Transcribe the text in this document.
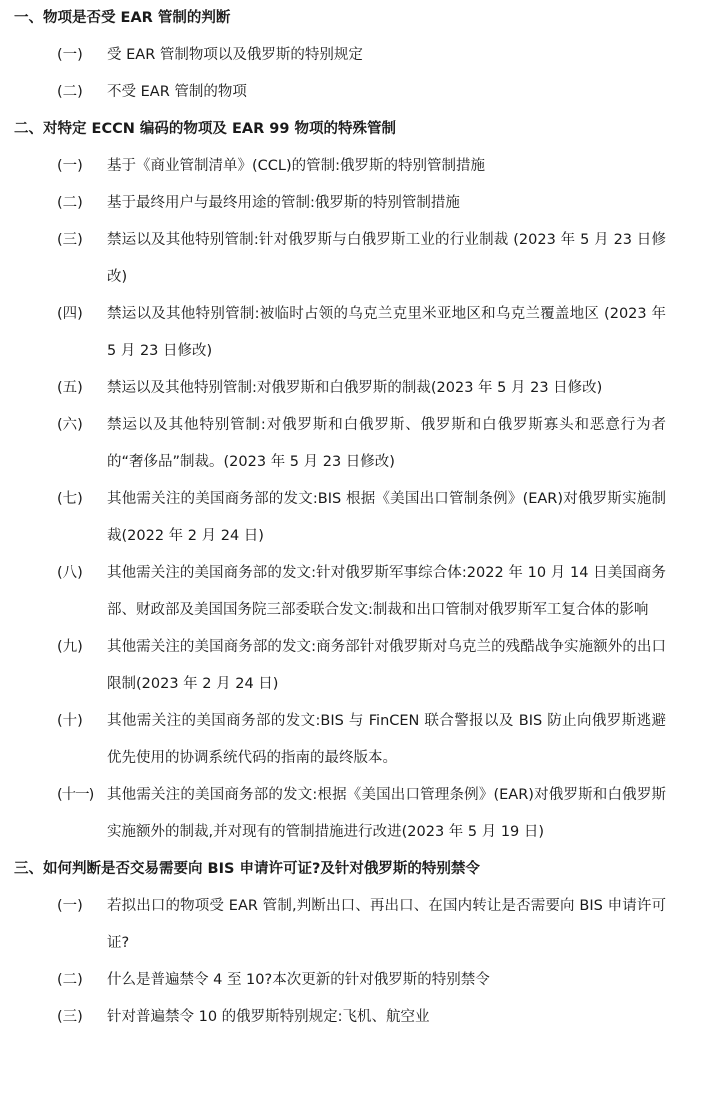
一、物项是否受 EAR 管制的判断
(一)	受 EAR 管制物项以及俄罗斯的特别规定
(二)	不受 EAR 管制的物项
二、对特定 ECCN 编码的物项及 EAR 99 物项的特殊管制
(一)	基于《商业管制清单》(CCL)的管制:俄罗斯的特别管制措施
(二)	基于最终用户与最终用途的管制:俄罗斯的特别管制措施
(三)	禁运以及其他特别管制:针对俄罗斯与白俄罗斯工业的行业制裁 (2023 年 5 月 23 日修改)
(四)	禁运以及其他特别管制:被临时占领的乌克兰克里米亚地区和乌克兰覆盖地区 (2023 年 5 月 23 日修改)
(五)	禁运以及其他特别管制:对俄罗斯和白俄罗斯的制裁(2023 年 5 月 23 日修改)
(六)	禁运以及其他特别管制:对俄罗斯和白俄罗斯、俄罗斯和白俄罗斯寡头和恶意行为者的“奢侈品”制裁。(2023 年 5 月 23 日修改)
(七)	其他需关注的美国商务部的发文:BIS 根据《美国出口管制条例》(EAR)对俄罗斯实施制裁(2022 年 2 月 24 日)
(八)	其他需关注的美国商务部的发文:针对俄罗斯军事综合体:2022 年 10 月 14 日美国商务部、财政部及美国国务院三部委联合发文:制裁和出口管制对俄罗斯军工复合体的影响
(九)	其他需关注的美国商务部的发文:商务部针对俄罗斯对乌克兰的残酷战争实施额外的出口限制(2023 年 2 月 24 日)
(十)	其他需关注的美国商务部的发文:BIS 与 FinCEN 联合警报以及 BIS 防止向俄罗斯逃避优先使用的协调系统代码的指南的最终版本。
(十一) 其他需关注的美国商务部的发文:根据《美国出口管理条例》(EAR)对俄罗斯和白俄罗斯实施额外的制裁,并对现有的管制措施进行改进(2023 年 5 月 19 日)
三、如何判断是否交易需要向 BIS 申请许可证?及针对俄罗斯的特别禁令
(一)	若拟出口的物项受 EAR 管制,判断出口、再出口、在国内转让是否需要向 BIS 申请许可证?
(二)	什么是普遍禁令 4 至 10?本次更新的针对俄罗斯的特别禁令
(三)	针对普遍禁令 10 的俄罗斯特别规定:飞机、航空业
